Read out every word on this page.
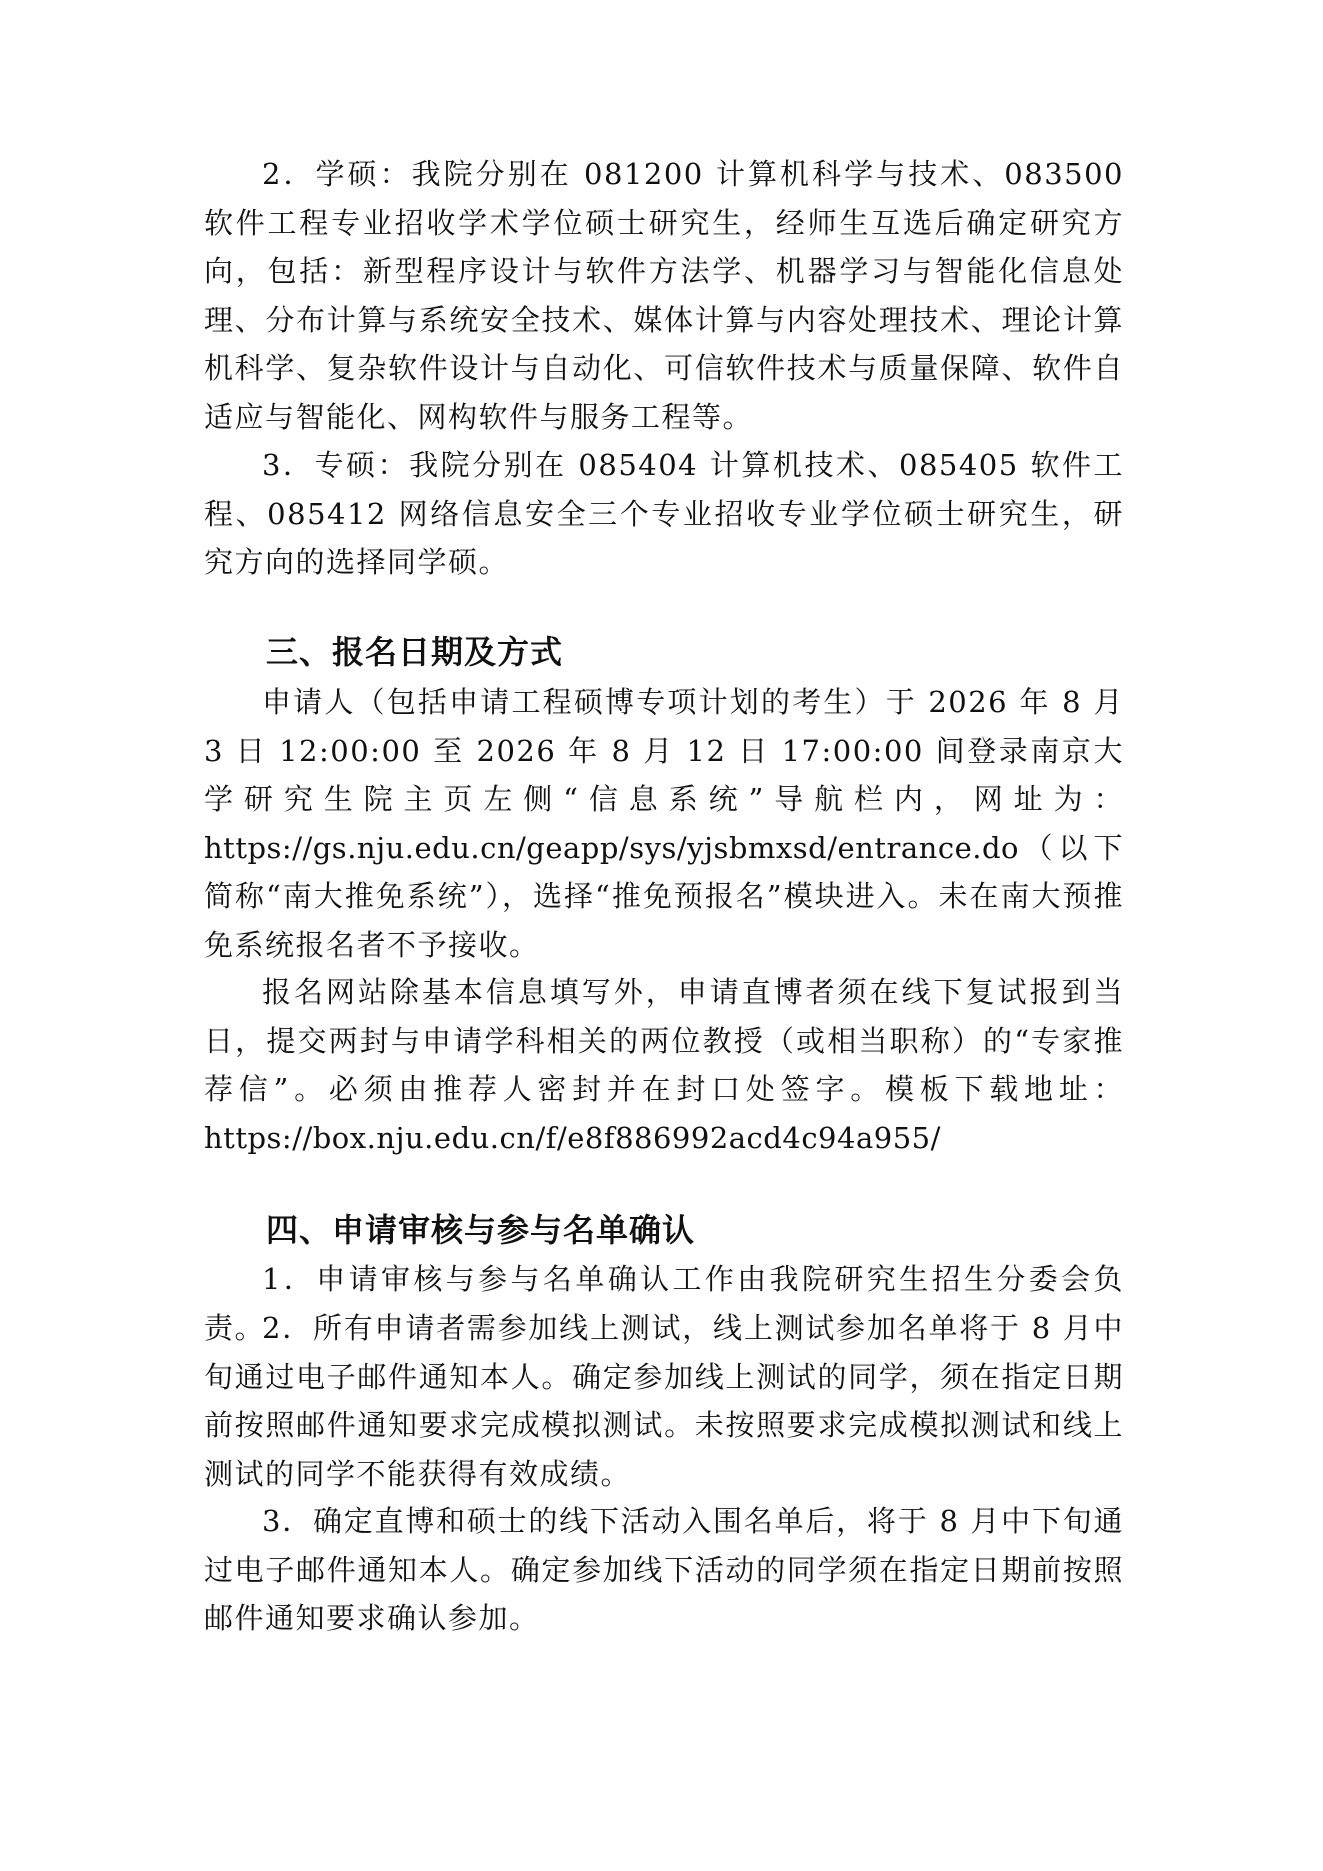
2．学硕：我院分别在 081200 计算机科学与技术、083500 软件工程专业招收学术学位硕士研究生，经师生互选后确定研究方向，包括：新型程序设计与软件方法学、机器学习与智能化信息处理、分布计算与系统安全技术、媒体计算与内容处理技术、理论计算机科学、复杂软件设计与自动化、可信软件技术与质量保障、软件自适应与智能化、网构软件与服务工程等。

3．专硕：我院分别在 085404 计算机技术、085405 软件工程、085412 网络信息安全三个专业招收专业学位硕士研究生，研究方向的选择同学硕。

三、报名日期及方式

申请人（包括申请工程硕博专项计划的考生）于 2026 年 8 月 3 日 12:00:00 至 2026 年 8 月 12 日 17:00:00 间登录南京大学研究生院主页左侧“信息系统”导航栏内，网址为：https://gs.nju.edu.cn/geapp/sys/yjsbmxsd/entrance.do（以下简称“南大推免系统”），选择“推免预报名”模块进入。未在南大预推免系统报名者不予接收。

报名网站除基本信息填写外，申请直博者须在线下复试报到当日，提交两封与申请学科相关的两位教授（或相当职称）的“专家推荐信”。必须由推荐人密封并在封口处签字。模板下载地址：https://box.nju.edu.cn/f/e8f886992acd4c94a955/

四、申请审核与参与名单确认

1．申请审核与参与名单确认工作由我院研究生招生分委会负责。

2．所有申请者需参加线上测试，线上测试参加名单将于 8 月中旬通过电子邮件通知本人。确定参加线上测试的同学，须在指定日期前按照邮件通知要求完成模拟测试。未按照要求完成模拟测试和线上测试的同学不能获得有效成绩。

3．确定直博和硕士的线下活动入围名单后，将于 8 月中下旬通过电子邮件通知本人。确定参加线下活动的同学须在指定日期前按照邮件通知要求确认参加。
